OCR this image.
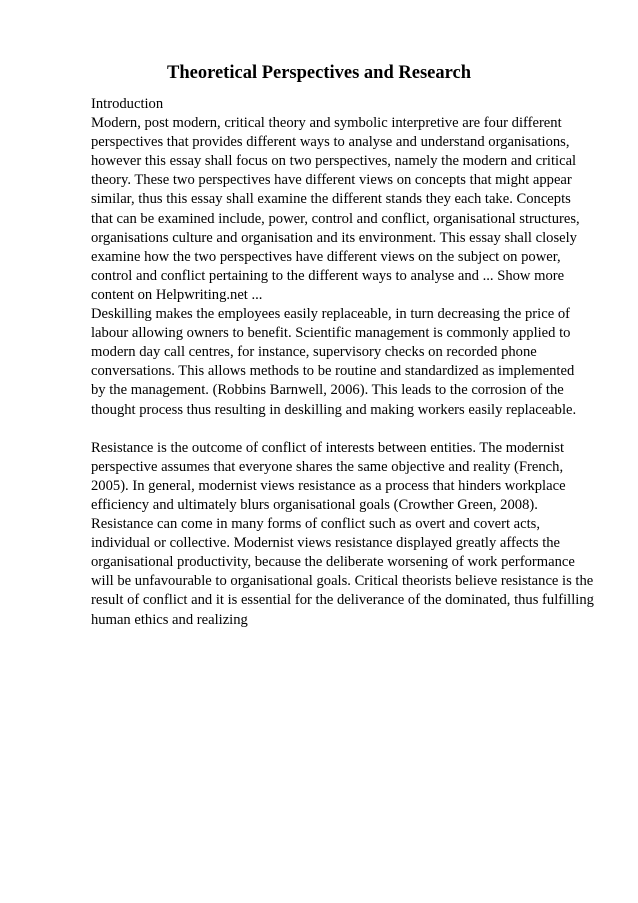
Theoretical Perspectives and Research
Introduction
Modern, post modern, critical theory and symbolic interpretive are four different
perspectives that provides different ways to analyse and understand organisations,
however this essay shall focus on two perspectives, namely the modern and critical
theory. These two perspectives have different views on concepts that might appear
similar, thus this essay shall examine the different stands they each take. Concepts
that can be examined include, power, control and conflict, organisational structures,
organisations culture and organisation and its environment. This essay shall closely
examine how the two perspectives have different views on the subject on power,
control and conflict pertaining to the different ways to analyse and ... Show more
content on Helpwriting.net ...
Deskilling makes the employees easily replaceable, in turn decreasing the price of
labour allowing owners to benefit. Scientific management is commonly applied to
modern day call centres, for instance, supervisory checks on recorded phone
conversations. This allows methods to be routine and standardized as implemented
by the management. (Robbins Barnwell, 2006). This leads to the corrosion of the
thought process thus resulting in deskilling and making workers easily replaceable.
Resistance is the outcome of conflict of interests between entities. The modernist
perspective assumes that everyone shares the same objective and reality (French,
2005). In general, modernist views resistance as a process that hinders workplace
efficiency and ultimately blurs organisational goals (Crowther Green, 2008).
Resistance can come in many forms of conflict such as overt and covert acts,
individual or collective. Modernist views resistance displayed greatly affects the
organisational productivity, because the deliberate worsening of work performance
will be unfavourable to organisational goals. Critical theorists believe resistance is the
result of conflict and it is essential for the deliverance of the dominated, thus fulfilling
human ethics and realizing
